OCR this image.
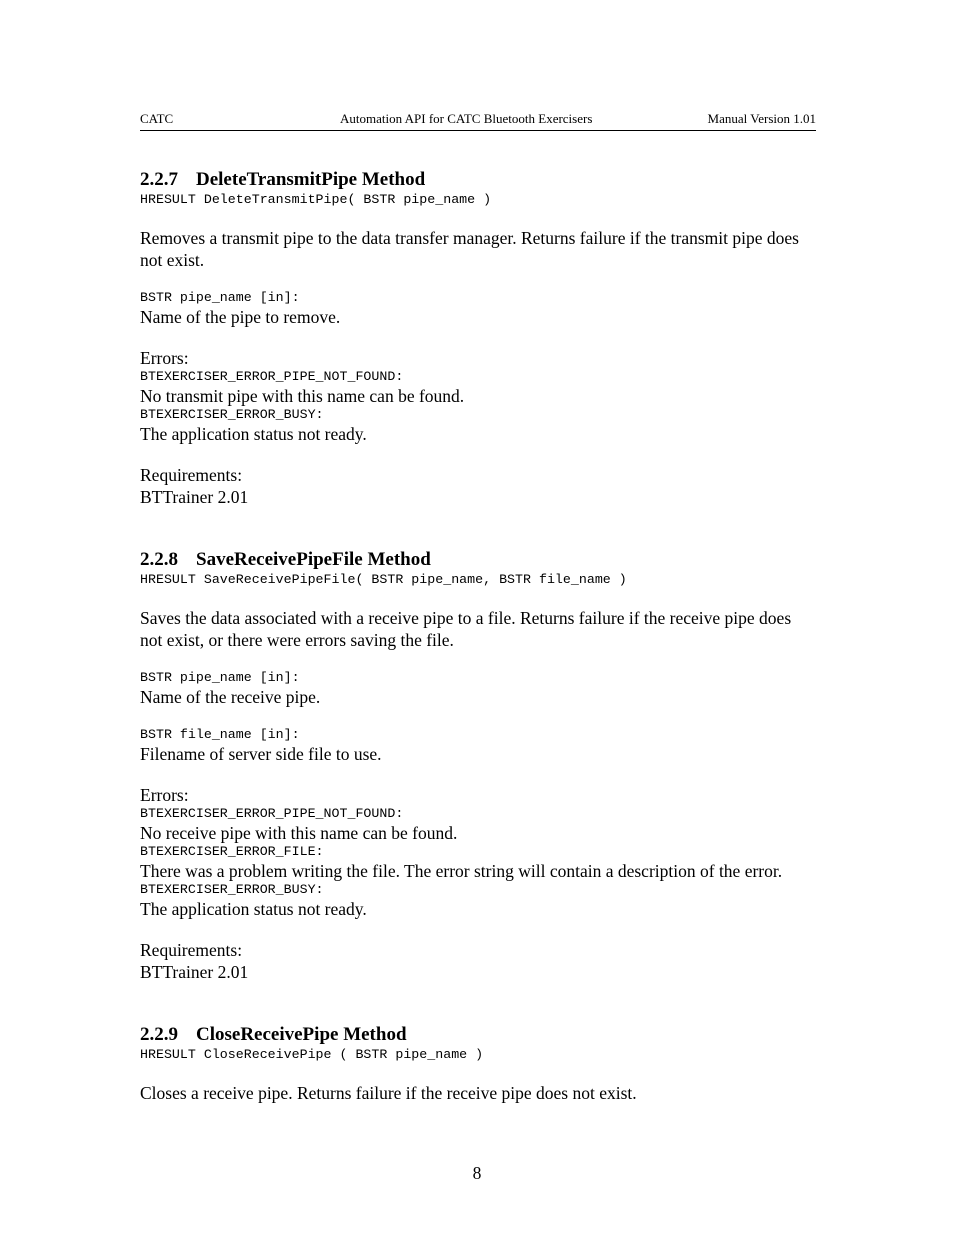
CATC	Automation API for CATC Bluetooth Exercisers	Manual Version 1.01
2.2.7 DeleteTransmitPipe Method

HRESULT DeleteTransmitPipe( BSTR pipe_name )

Removes a transmit pipe to the data transfer manager. Returns failure if the transmit pipe does not exist.

BSTR pipe_name [in]:

Name of the pipe to remove.

Errors:

BTEXERCISER_ERROR_PIPE_NOT_FOUND:

No transmit pipe with this name can be found.

BTEXERCISER_ERROR_BUSY:

The application status not ready.

Requirements:

BTTrainer 2.01

2.2.8 SaveReceivePipeFile Method

HRESULT SaveReceivePipeFile( BSTR pipe_name, BSTR file_name )

Saves the data associated with a receive pipe to a file. Returns failure if the receive pipe does not exist, or there were errors saving the file.

BSTR pipe_name [in]:

Name of the receive pipe.

BSTR file_name [in]:

Filename of server side file to use.

Errors:

BTEXERCISER_ERROR_PIPE_NOT_FOUND:

No receive pipe with this name can be found.

BTEXERCISER_ERROR_FILE:

There was a problem writing the file. The error string will contain a description of the error.

BTEXERCISER_ERROR_BUSY:

The application status not ready.

Requirements:

BTTrainer 2.01

2.2.9 CloseReceivePipe Method

HRESULT CloseReceivePipe ( BSTR pipe_name )

Closes a receive pipe. Returns failure if the receive pipe does not exist.

8
